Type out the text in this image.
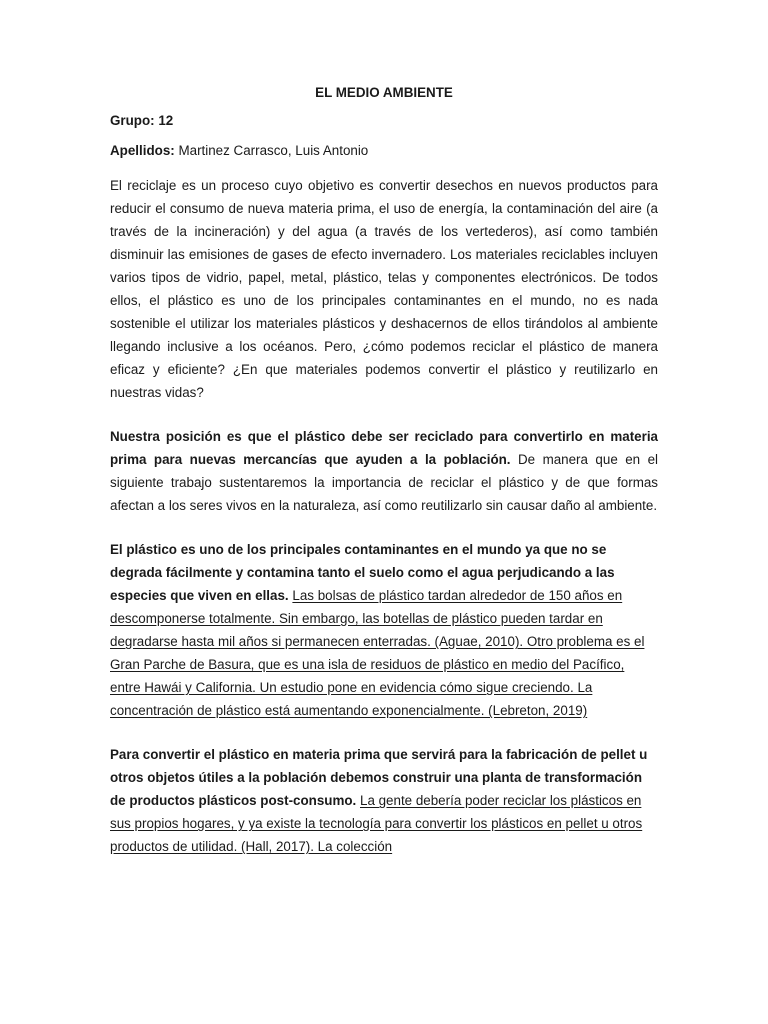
EL MEDIO AMBIENTE
Grupo: 12
Apellidos: Martinez Carrasco, Luis Antonio

El reciclaje es un proceso cuyo objetivo es convertir desechos en nuevos productos para reducir el consumo de nueva materia prima, el uso de energía, la contaminación del aire (a través de la incineración) y del agua (a través de los vertederos), así como también disminuir las emisiones de gases de efecto invernadero. Los materiales reciclables incluyen varios tipos de vidrio, papel, metal, plástico, telas y componentes electrónicos. De todos ellos, el plástico es uno de los principales contaminantes en el mundo, no es nada sostenible el utilizar los materiales plásticos y deshacernos de ellos tirándolos al ambiente llegando inclusive a los océanos. Pero, ¿cómo podemos reciclar el plástico de manera eficaz y eficiente? ¿En que materiales podemos convertir el plástico y reutilizarlo en nuestras vidas?

Nuestra posición es que el plástico debe ser reciclado para convertirlo en materia prima para nuevas mercancías que ayuden a la población. De manera que en el siguiente trabajo sustentaremos la importancia de reciclar el plástico y de que formas afectan a los seres vivos en la naturaleza, así como reutilizarlo sin causar daño al ambiente.

El plástico es uno de los principales contaminantes en el mundo ya que no se degrada fácilmente y contamina tanto el suelo como el agua perjudicando a las especies que viven en ellas. Las bolsas de plástico tardan alrededor de 150 años en descomponerse totalmente. Sin embargo, las botellas de plástico pueden tardar en degradarse hasta mil años si permanecen enterradas. (Aguae, 2010). Otro problema es el Gran Parche de Basura, que es una isla de residuos de plástico en medio del Pacífico, entre Hawái y California. Un estudio pone en evidencia cómo sigue creciendo. La concentración de plástico está aumentando exponencialmente. (Lebreton, 2019)

Para convertir el plástico en materia prima que servirá para la fabricación de pellet u otros objetos útiles a la población debemos construir una planta de transformación de productos plásticos post-consumo. La gente debería poder reciclar los plásticos en sus propios hogares, y ya existe la tecnología para convertir los plásticos en pellet u otros productos de utilidad. (Hall, 2017). La colección
